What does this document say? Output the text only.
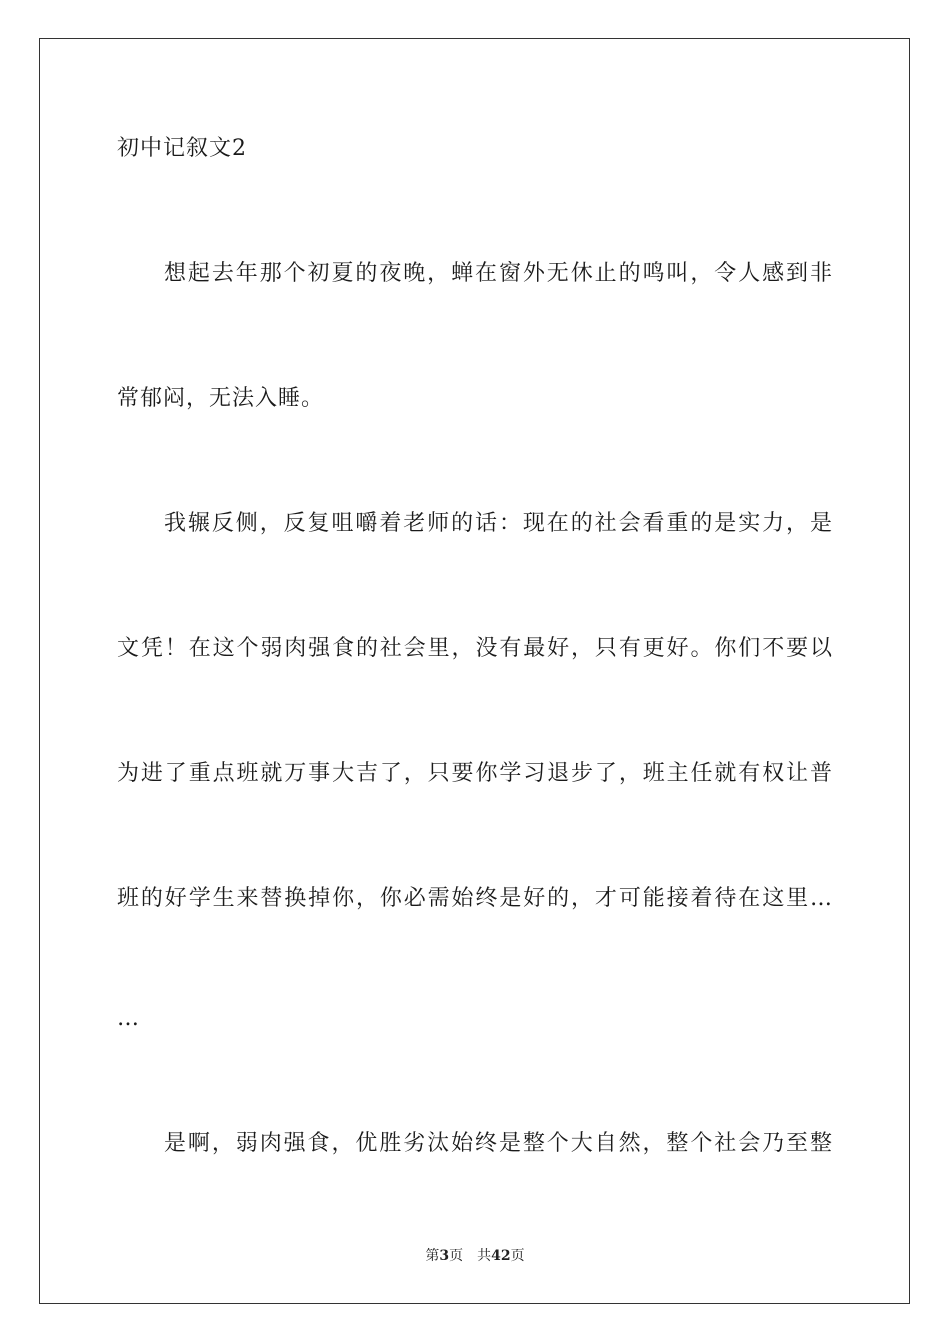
初中记叙文2
想起去年那个初夏的夜晚，蝉在窗外无休止的鸣叫，令人感到非
常郁闷，无法入睡。
我辗反侧，反复咀嚼着老师的话：现在的社会看重的是实力，是
文凭！在这个弱肉强食的社会里，没有最好，只有更好。你们不要以
为进了重点班就万事大吉了，只要你学习退步了，班主任就有权让普
班的好学生来替换掉你，你必需始终是好的，才可能接着待在这里…
…
是啊，弱肉强食，优胜劣汰始终是整个大自然，整个社会乃至整
第3页 共42页
